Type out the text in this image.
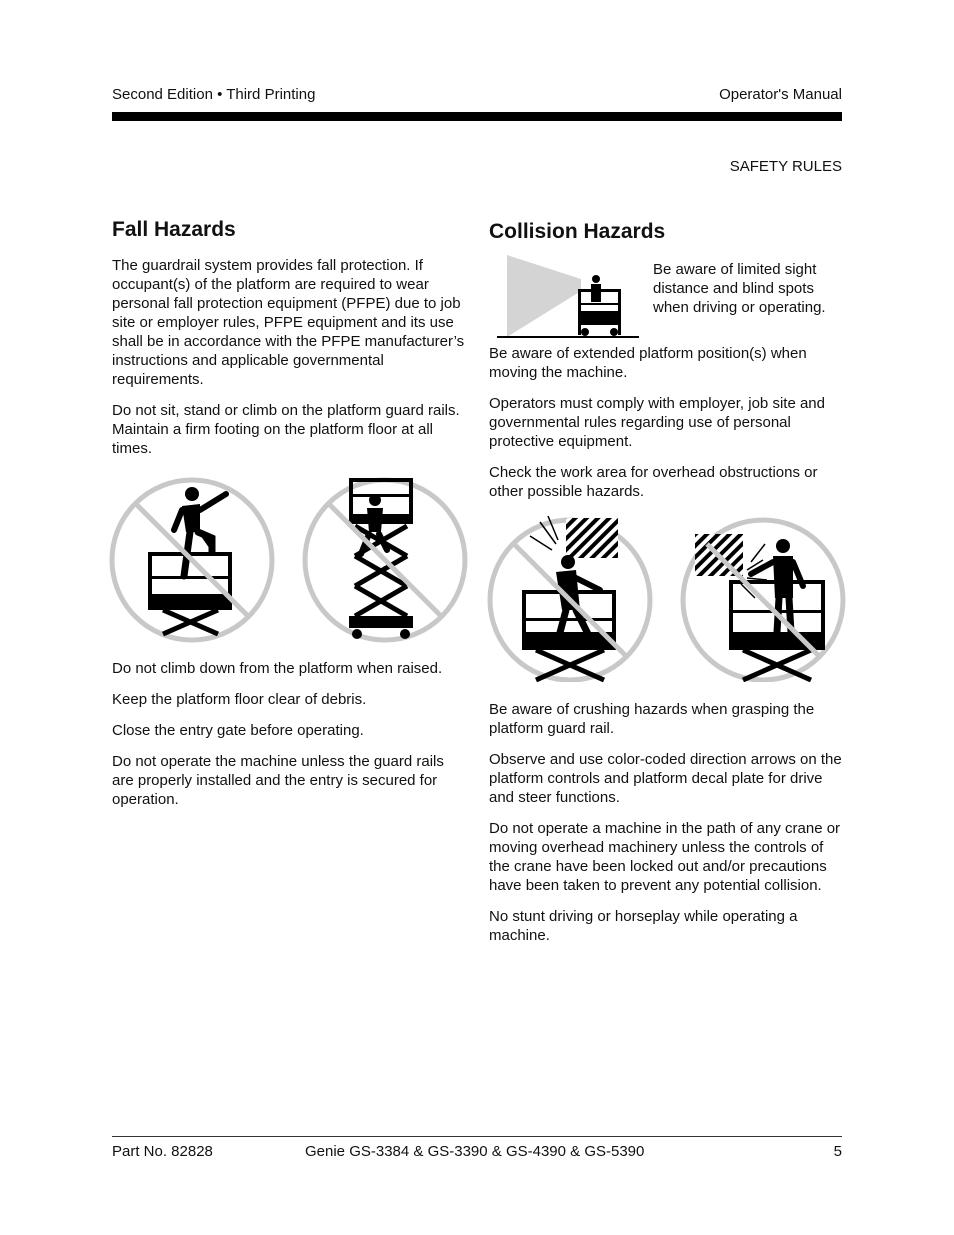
Second Edition • Third Printing	Operator's Manual
SAFETY RULES
Fall Hazards

The guardrail system provides fall protection. If occupant(s) of the platform are required to wear personal fall protection equipment (PFPE) due to job site or employer rules, PFPE equipment and its use shall be in accordance with the PFPE manufacturer’s instructions and applicable governmental requirements.

Do not sit, stand or climb on the platform guard rails. Maintain a firm footing on the platform floor at all times.

Do not climb down from the platform when raised.

Keep the platform floor clear of debris.

Close the entry gate before operating.

Do not operate the machine unless the guard rails are properly installed and the entry is secured for operation.

Collision Hazards
Be aware of limited sight distance and blind spots when driving or operating.

Be aware of extended platform position(s) when moving the machine.

Operators must comply with employer, job site and governmental rules regarding use of personal protective equipment.

Check the work area for overhead obstructions or other possible hazards.

Be aware of crushing hazards when grasping the platform guard rail.

Observe and use color-coded direction arrows on the platform controls and platform decal plate for drive and steer functions.

Do not operate a machine in the path of any crane or moving overhead machinery unless the controls of the crane have been locked out and/or precautions have been taken to prevent any potential collision.

No stunt driving or horseplay while operating a machine.

Part No. 82828	Genie GS-3384 & GS-3390 & GS-4390 & GS-5390	5
